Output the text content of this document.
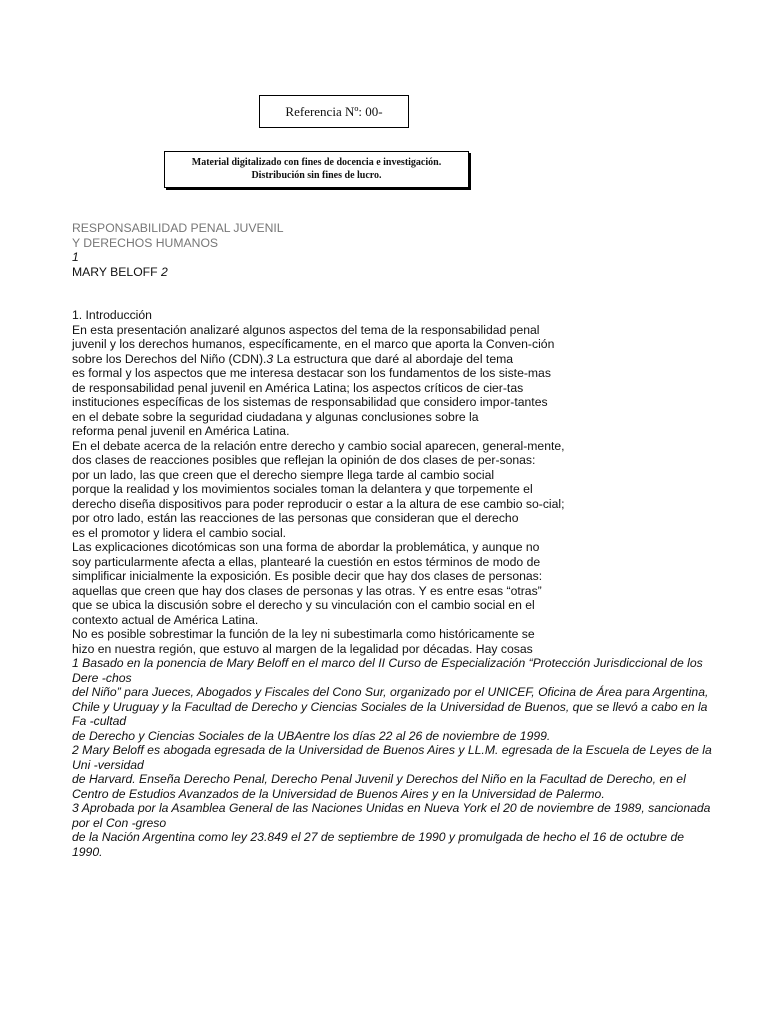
Referencia Nº: 00-
Material digitalizado con fines de docencia e investigación.
Distribución sin fines de lucro.

RESPONSABILIDAD PENAL JUVENIL

Y DERECHOS HUMANOS

1

MARY BELOFF 2

1. Introducción

En esta presentación analizaré algunos aspectos del tema de la responsabilidad penal

juvenil y los derechos humanos, específicamente, en el marco que aporta la Conven-ción

sobre los Derechos del Niño (CDN).3 La estructura que daré al abordaje del tema

es formal y los aspectos que me interesa destacar son los fundamentos de los siste-mas

de responsabilidad penal juvenil en América Latina; los aspectos críticos de cier-tas

instituciones específicas de los sistemas de responsabilidad que considero impor-tantes

en el debate sobre la seguridad ciudadana y algunas conclusiones sobre la

reforma penal juvenil en América Latina.

En el debate acerca de la relación entre derecho y cambio social aparecen, general-mente,

dos clases de reacciones posibles que reflejan la opinión de dos clases de per-sonas:

por un lado, las que creen que el derecho siempre llega tarde al cambio social

porque la realidad y los movimientos sociales toman la delantera y que torpemente el

derecho diseña dispositivos para poder reproducir o estar a la altura de ese cambio so-cial;

por otro lado, están las reacciones de las personas que consideran que el derecho

es el promotor y lidera el cambio social.

Las explicaciones dicotómicas son una forma de abordar la problemática, y aunque no

soy particularmente afecta a ellas, plantearé la cuestión en estos términos de modo de

simplificar inicialmente la exposición. Es posible decir que hay dos clases de personas:

aquellas que creen que hay dos clases de personas y las otras. Y es entre esas “otras”

que se ubica la discusión sobre el derecho y su vinculación con el cambio social en el

contexto actual de América Latina.

No es posible sobrestimar la función de la ley ni subestimarla como históricamente se

hizo en nuestra región, que estuvo al margen de la legalidad por décadas. Hay cosas

1 Basado en la ponencia de Mary Beloff en el marco del II Curso de Especialización “Protección Jurisdiccional de los Dere -chos

del Niño” para Jueces, Abogados y Fiscales del Cono Sur, organizado por el UNICEF, Oficina de Área para Argentina,

Chile y Uruguay y la Facultad de Derecho y Ciencias Sociales de la Universidad de Buenos, que se llevó a cabo en la Fa -cultad

de Derecho y Ciencias Sociales de la UBAentre los días 22 al 26 de noviembre de 1999.

2 Mary Beloff es abogada egresada de la Universidad de Buenos Aires y LL.M. egresada de la Escuela de Leyes de la Uni -versidad

de Harvard. Enseña Derecho Penal, Derecho Penal Juvenil y Derechos del Niño en la Facultad de Derecho, en el

Centro de Estudios Avanzados de la Universidad de Buenos Aires y en la Universidad de Palermo.

3 Aprobada por la Asamblea General de las Naciones Unidas en Nueva York el 20 de noviembre de 1989, sancionada por el Con -greso

de la Nación Argentina como ley 23.849 el 27 de septiembre de 1990 y promulgada de hecho el 16 de octubre de 1990.
